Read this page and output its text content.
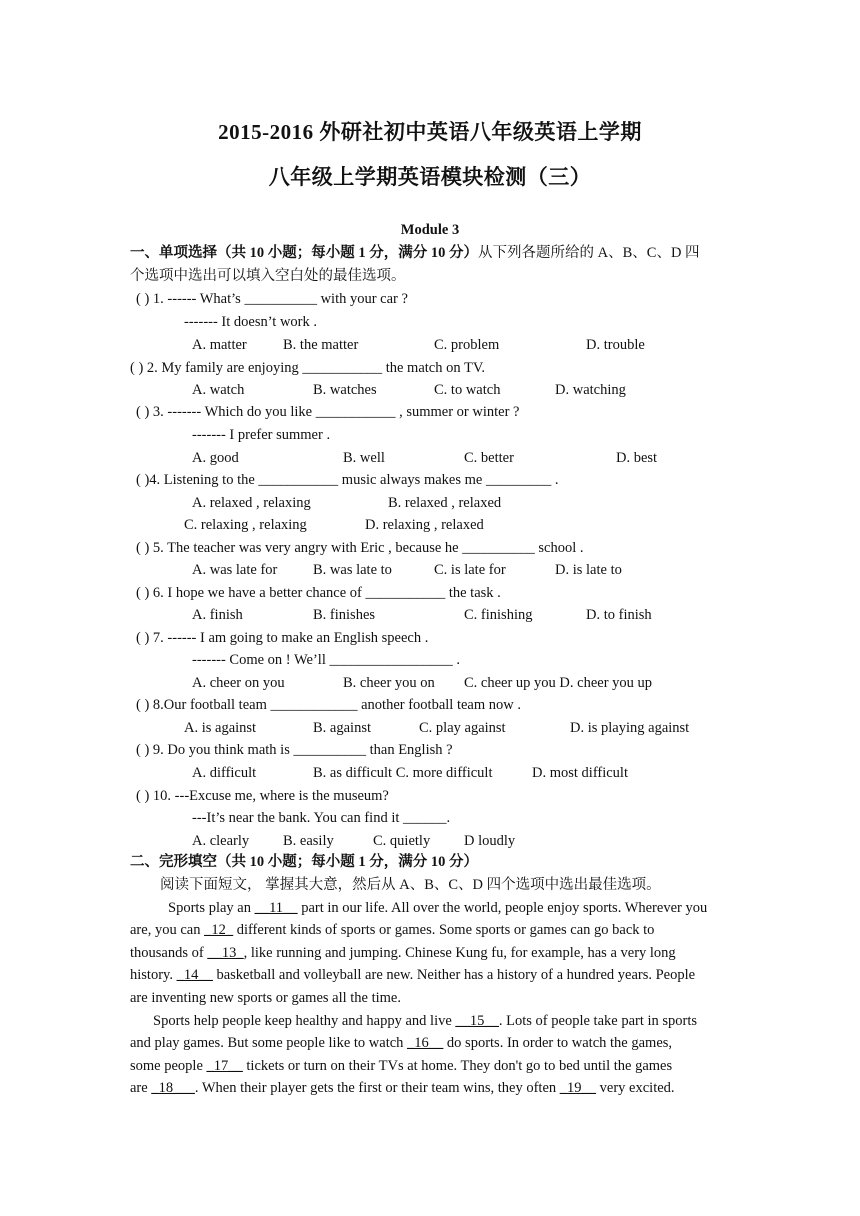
2015-2016 外研社初中英语八年级英语上学期
八年级上学期英语模块检测（三）
Module 3
一、单项选择（共 10 小题；每小题 1 分，满分 10 分）从下列各题所给的 A、B、C、D 四
个选项中选出可以填入空白处的最佳选项。
( ) 1. ------ What’s __________ with your car ?
------- It doesn’t work .
A. matter B. the matter	C. problem	D. trouble
( ) 2. My family are enjoying ___________ the match on TV.
A. watch	B. watches	C. to watch	D. watching
( ) 3. ------- Which do you like ___________ , summer or winter ?
------- I prefer summer .
A. good	B. well	C. better	D. best
( )4. Listening to the ___________ music always makes me _________ .
A. relaxed , relaxing	B. relaxed , relaxed
C. relaxing , relaxing	D. relaxing , relaxed
( ) 5. The teacher was very angry with Eric , because he __________ school .
A. was late for B. was late to	C. is late for	D. is late to
( ) 6. I hope we have a better chance of ___________ the task .
A. finish	B. finishes	C. finishing	D. to finish
( ) 7. ------ I am going to make an English speech .
------- Come on ! We’ll _________________ .
A. cheer on you	B. cheer you on C. cheer up you D. cheer you up
( ) 8.Our football team ____________ another football team now .
A. is against	B. against	C. play against	D. is playing against
( ) 9. Do you think math is __________ than English ?
A. difficult	B. as difficult C. more difficult	D. most difficult
( ) 10. ---Excuse me, where is the museum?
---It’s near the bank. You can find it ______.
A. clearly B. easily	C. quietly D loudly
二、完形填空（共 10 小题；每小题 1 分，满分 10 分）
阅读下面短文， 掌握其大意，然后从 A、B、C、D 四个选项中选出最佳选项。
Sports play an __11__ part in our life. All over the world, people enjoy sports. Wherever you
are, you can _12_ different kinds of sports or games. Some sports or games can go back to
thousands of __13_, like running and jumping. Chinese Kung fu, for example, has a very long
history. _14__ basketball and volleyball are new. Neither has a history of a hundred years. People
are inventing new sports or games all the time.
Sports help people keep healthy and happy and live __15__. Lots of people take part in sports
and play games. But some people like to watch _16__ do sports. In order to watch the games,
some people _17__ tickets or turn on their TVs at home. They don't go to bed until the games
are _18___. When their player gets the first or their team wins, they often _19__ very excited.
